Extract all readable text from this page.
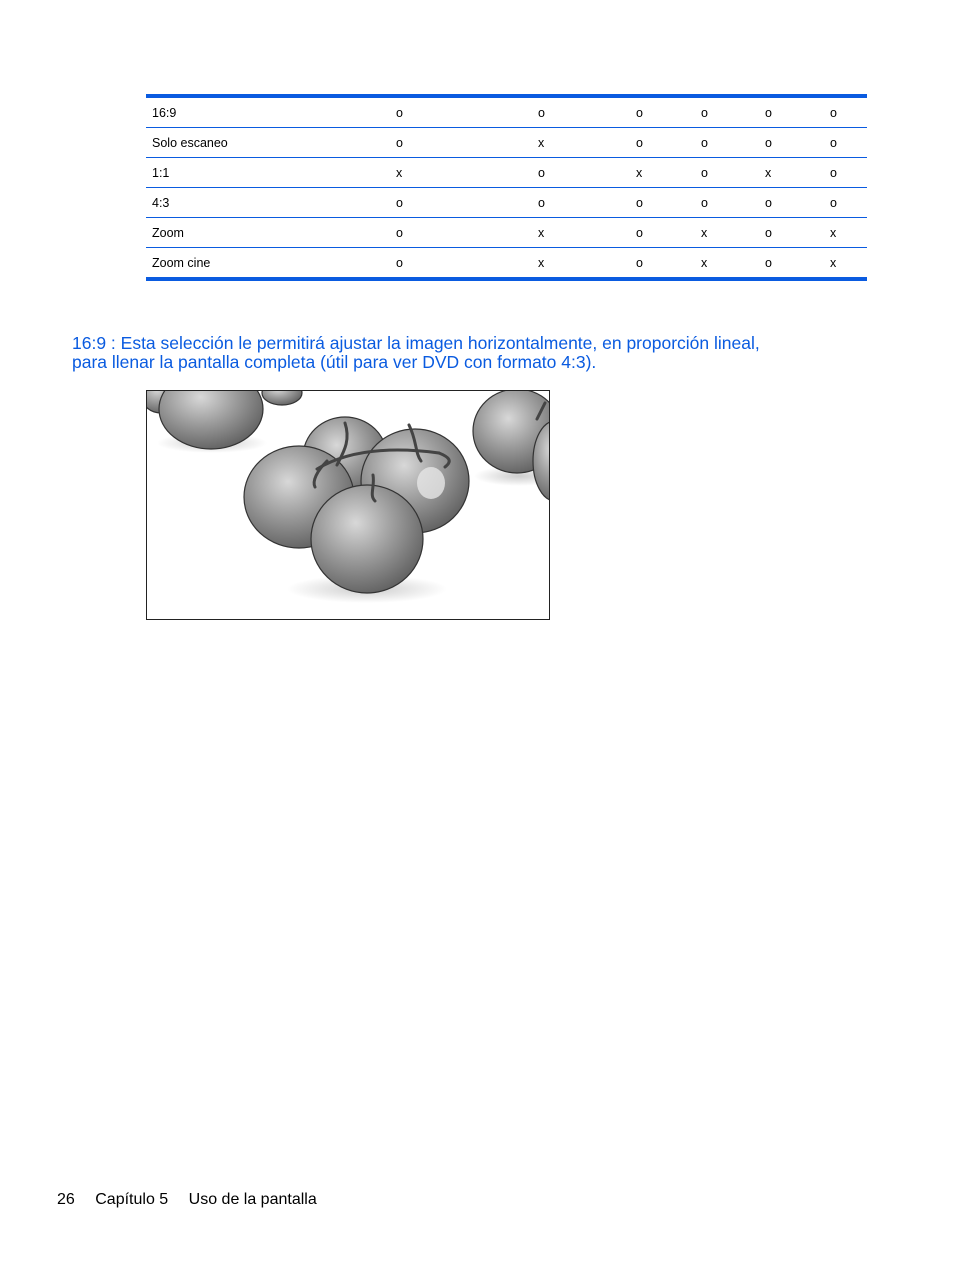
16:9	o	o	o	o	o	o
Solo escaneo	o	x	o	o	o	o
1:1	x	o	x	o	x	o
4:3	o	o	o	o	o	o
Zoom	o	x	o	x	o	x
Zoom cine	o	x	o	x	o	x
16:9 : Esta selección le permitirá ajustar la imagen horizontalmente, en proporción lineal,
para llenar la pantalla completa (útil para ver DVD con formato 4:3).
26 Capítulo 5 Uso de la pantalla
